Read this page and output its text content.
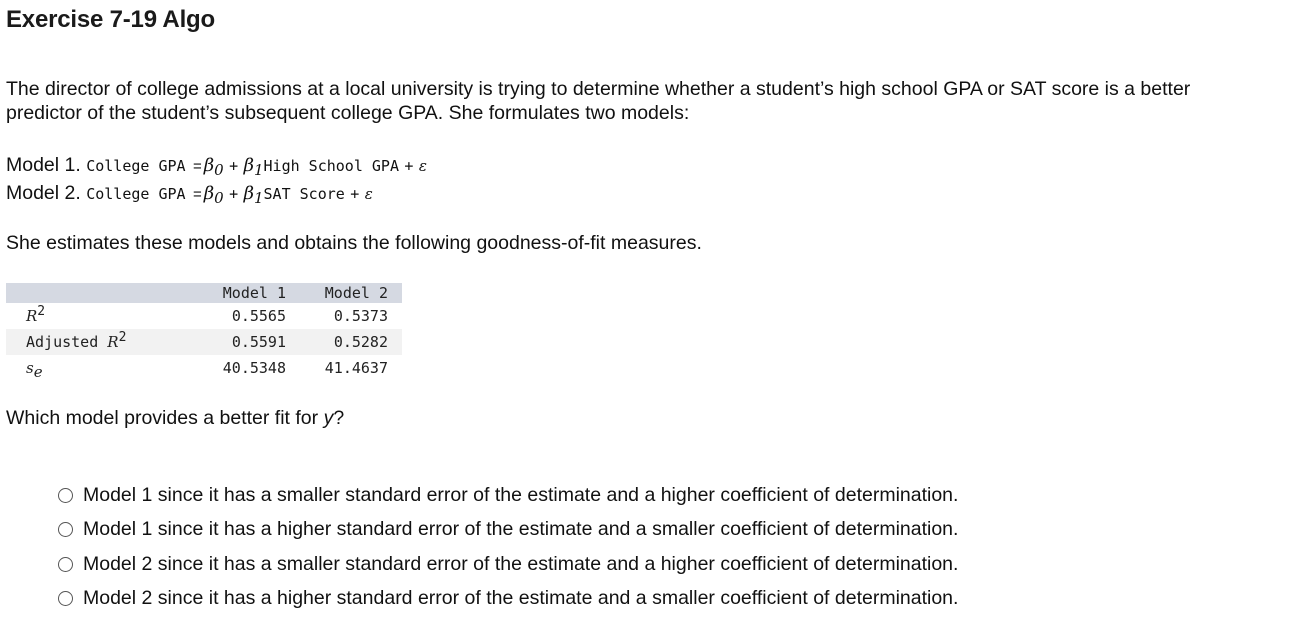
Exercise 7-19 Algo
The director of college admissions at a local university is trying to determine whether a student’s high school GPA or SAT score is a better predictor of the student’s subsequent college GPA. She formulates two models:
Model 1. College GPA = $\beta_0$ + $\beta_1High$ School GPA + ε
Model 2. College GPA = $\beta_0 + \beta_1SAT$ Score + ε
She estimates these models and obtains the following goodness-of-fit measures.
	Model 1	Model 2
$R^2$	0.5565	0.5373
Adjusted $R^2$	0.5591	0.5282
$s_e$	40.5348	41.4637
Which model provides a better fit for y?
Model 1 since it has a smaller standard error of the estimate and a higher coefficient of determination.
Model 1 since it has a higher standard error of the estimate and a smaller coefficient of determination.
Model 2 since it has a smaller standard error of the estimate and a higher coefficient of determination.
Model 2 since it has a higher standard error of the estimate and a smaller coefficient of determination.
